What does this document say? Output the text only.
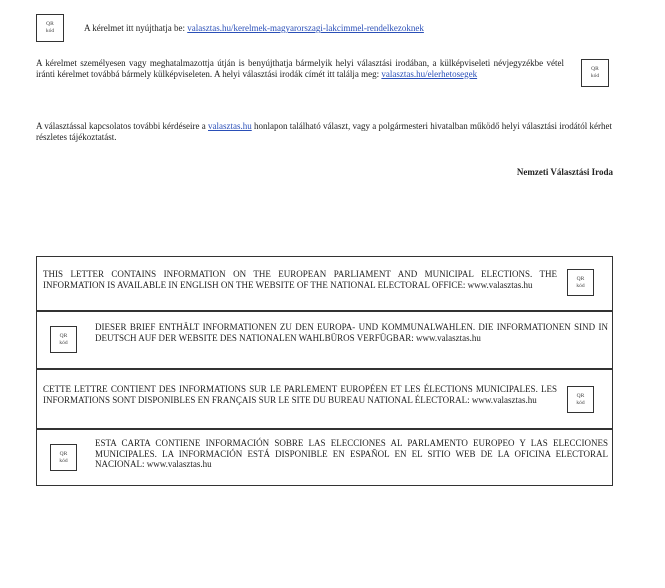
QR
kód	A kérelmet itt nyújthatja be: valasztas.hu/kerelmek-magyarorszagi-lakcimmel-rendelkezoknek
A kérelmet személyesen vagy meghatalmazottja útján is benyújthatja bármelyik helyi választási irodában, a külképviseleti névjegyzékbe vétel iránti kérelmet továbbá bármely külképviseleten. A helyi választási irodák címét itt találja meg: valasztas.hu/elerhetosegek	QR
kód
A választással kapcsolatos további kérdéseire a valasztas.hu honlapon található választ, vagy a polgármesteri hivatalban működő helyi választási irodától kérhet részletes tájékoztatást.
Nemzeti Választási Iroda
THIS LETTER CONTAINS INFORMATION ON THE EUROPEAN PARLIAMENT AND MUNICIPAL ELECTIONS. THE INFORMATION IS AVAILABLE IN ENGLISH ON THE WEBSITE OF THE NATIONAL ELECTORAL OFFICE: www.valasztas.hu
QR
kód
QR
kód
DIESER BRIEF ENTHÄLT INFORMATIONEN ZU DEN EUROPA- UND KOMMUNALWAHLEN. DIE INFORMATIONEN SIND IN DEUTSCH AUF DER WEBSITE DES NATIONALEN WAHLBÜROS VERFÜGBAR: www.valasztas.hu
CETTE LETTRE CONTIENT DES INFORMATIONS SUR LE PARLEMENT EUROPÉEN ET LES ÉLECTIONS MUNICIPALES. LES INFORMATIONS SONT DISPONIBLES EN FRANÇAIS SUR LE SITE DU BUREAU NATIONAL ÉLECTORAL: www.valasztas.hu	QR
kód
QR
kód
ESTA CARTA CONTIENE INFORMACIÓN SOBRE LAS ELECCIONES AL PARLAMENTO EUROPEO Y LAS ELECCIONES MUNICIPALES. LA INFORMACIÓN ESTÁ DISPONIBLE EN ESPAÑOL EN EL SITIO WEB DE LA OFICINA ELECTORAL NACIONAL: www.valasztas.hu
